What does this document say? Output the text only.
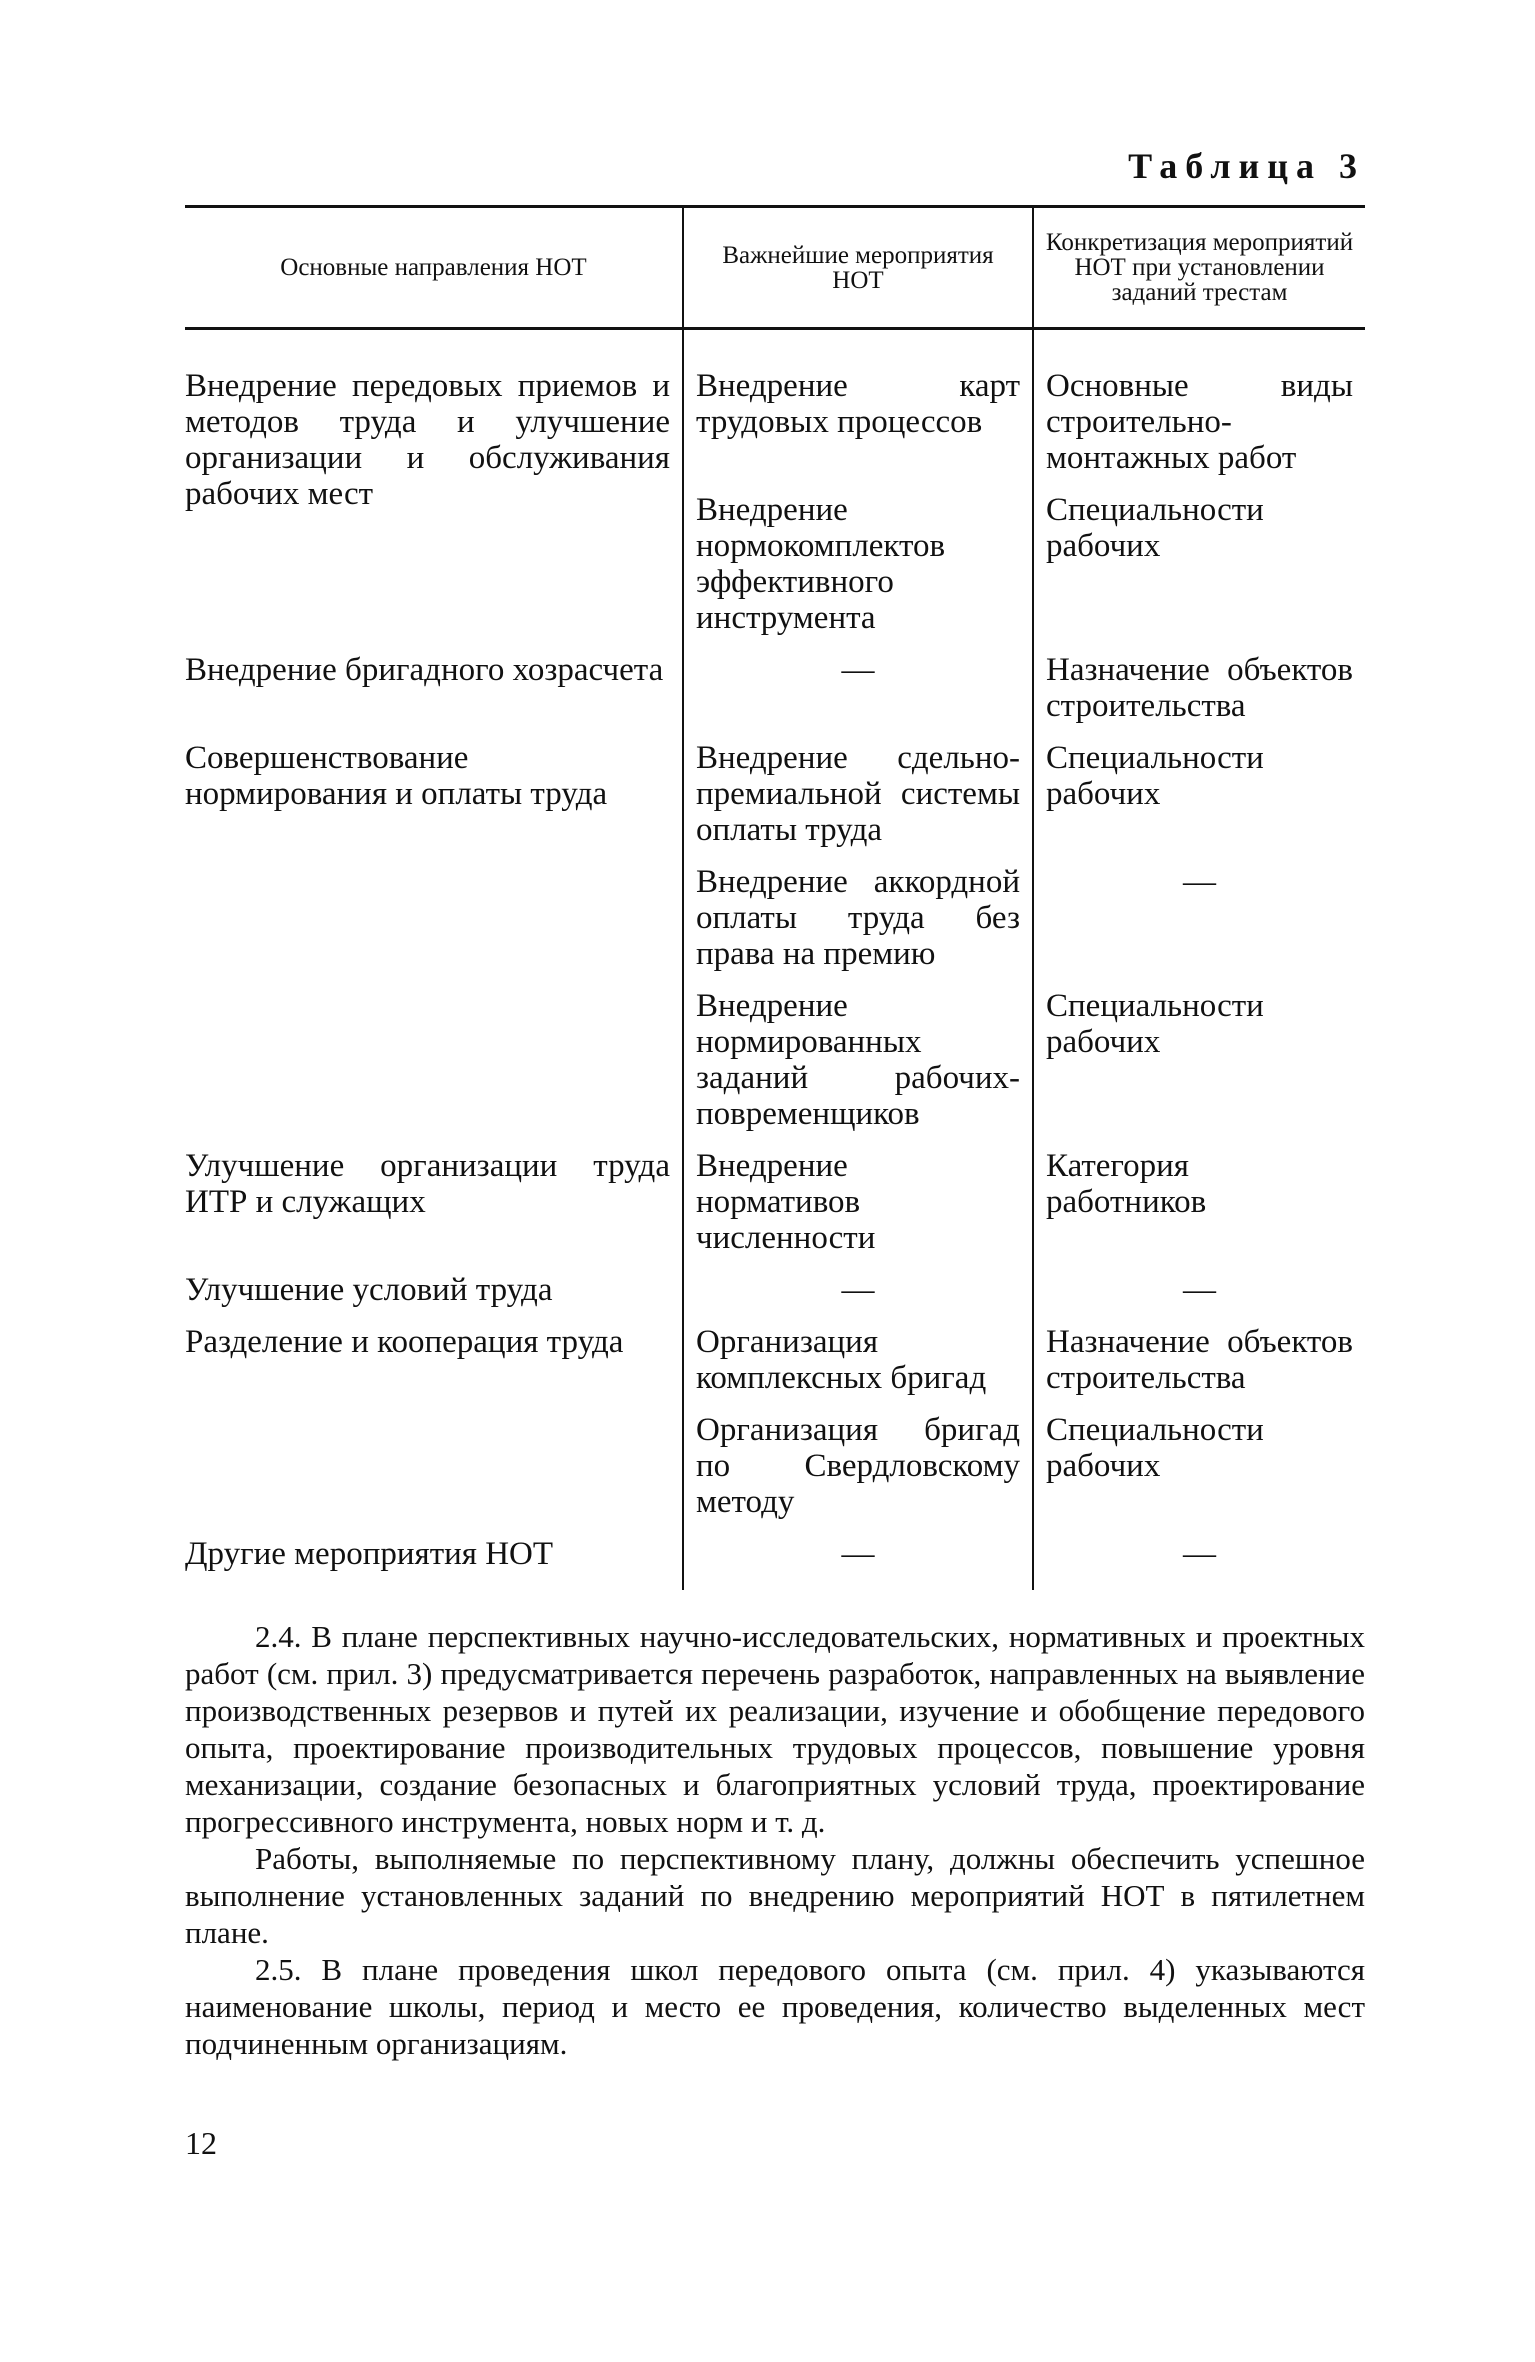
Таблица 3
Основные направления НОТ	Важнейшие мероприятия НОТ	Конкретизация мероприятий НОТ при установлении заданий трестам
Внедрение передовых приемов и методов труда и улучшение организации и обслуживания рабочих мест	Внедрение карт трудовых процессов	Основные виды строительно-монтажных работ
	Внедрение нормокомплектов эффективного инструмента	Специальности рабочих
Внедрение бригадного хозрасчета	—	Назначение объектов строительства
Совершенствование нормирования и оплаты труда	Внедрение сдельно-премиальной системы оплаты труда	Специальности рабочих
	Внедрение аккордной оплаты труда без права на премию	—
	Внедрение нормированных заданий рабочих-повременщиков	Специальности рабочих
Улучшение организации труда ИТР и служащих	Внедрение нормативов численности	Категория работников
Улучшение условий труда	—	—
Разделение и кооперация труда	Организация комплексных бригад	Назначение объектов строительства
	Организация бригад по Свердловскому методу	Специальности рабочих
Другие мероприятия НОТ	—	—

2.4. В плане перспективных научно-исследовательских, нормативных и проектных работ (см. прил. 3) предусматривается перечень разработок, направленных на выявление производственных резервов и путей их реализации, изучение и обобщение передового опыта, проектирование производительных трудовых процессов, повышение уровня механизации, создание безопасных и благоприятных условий труда, проектирование прогрессивного инструмента, новых норм и т. д.

Работы, выполняемые по перспективному плану, должны обеспечить успешное выполнение установленных заданий по внедрению мероприятий НОТ в пятилетнем плане.

2.5. В плане проведения школ передового опыта (см. прил. 4) указываются наименование школы, период и место ее проведения, количество выделенных мест подчиненным организациям.

12
